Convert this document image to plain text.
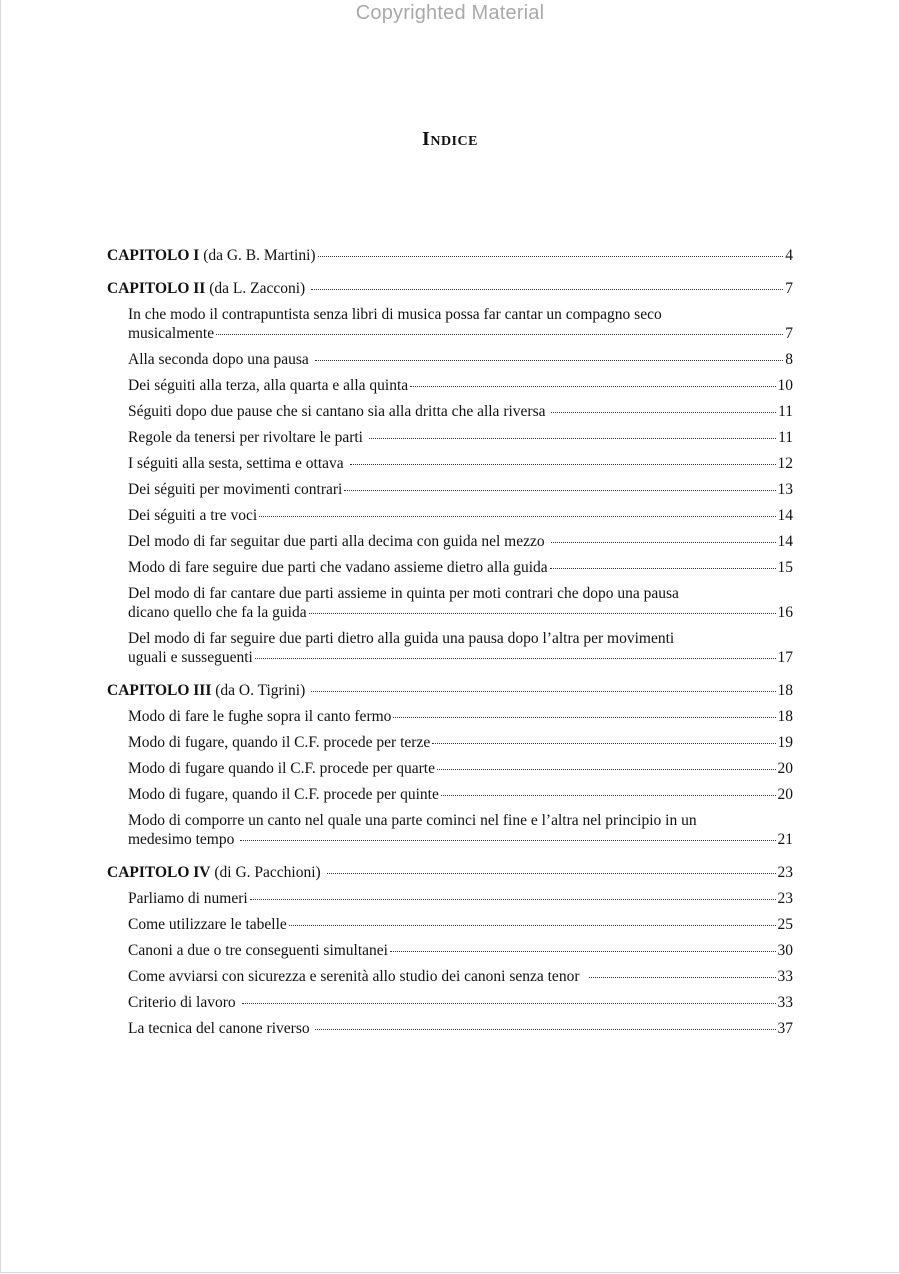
Copyrighted Material
Indice
CAPITOLO I (da G. B. Martini)	4
CAPITOLO II (da L. Zacconi)	7
In che modo il contrapuntista senza libri di musica possa far cantar un compagno seco
musicalmente	7
Alla seconda dopo una pausa	8
Dei séguiti alla terza, alla quarta e alla quinta	10
Séguiti dopo due pause che si cantano sia alla dritta che alla riversa	11
Regole da tenersi per rivoltare le parti	11
I séguiti alla sesta, settima e ottava	12
Dei séguiti per movimenti contrari	13
Dei séguiti a tre voci	14
Del modo di far seguitar due parti alla decima con guida nel mezzo	14
Modo di fare seguire due parti che vadano assieme dietro alla guida	15
Del modo di far cantare due parti assieme in quinta per moti contrari che dopo una pausa
dicano quello che fa la guida	16
Del modo di far seguire due parti dietro alla guida una pausa dopo l’altra per movimenti
uguali e susseguenti	17
CAPITOLO III (da O. Tigrini)	18
Modo di fare le fughe sopra il canto fermo	18
Modo di fugare, quando il C.F. procede per terze	19
Modo di fugare quando il C.F. procede per quarte	20
Modo di fugare, quando il C.F. procede per quinte	20
Modo di comporre un canto nel quale una parte cominci nel fine e l’altra nel principio in un
medesimo tempo	21
CAPITOLO IV (di G. Pacchioni)	23
Parliamo di numeri	23
Come utilizzare le tabelle	25
Canoni a due o tre conseguenti simultanei	30
Come avviarsi con sicurezza e serenità allo studio dei canoni senza tenor	33
Criterio di lavoro	33
La tecnica del canone riverso	37
